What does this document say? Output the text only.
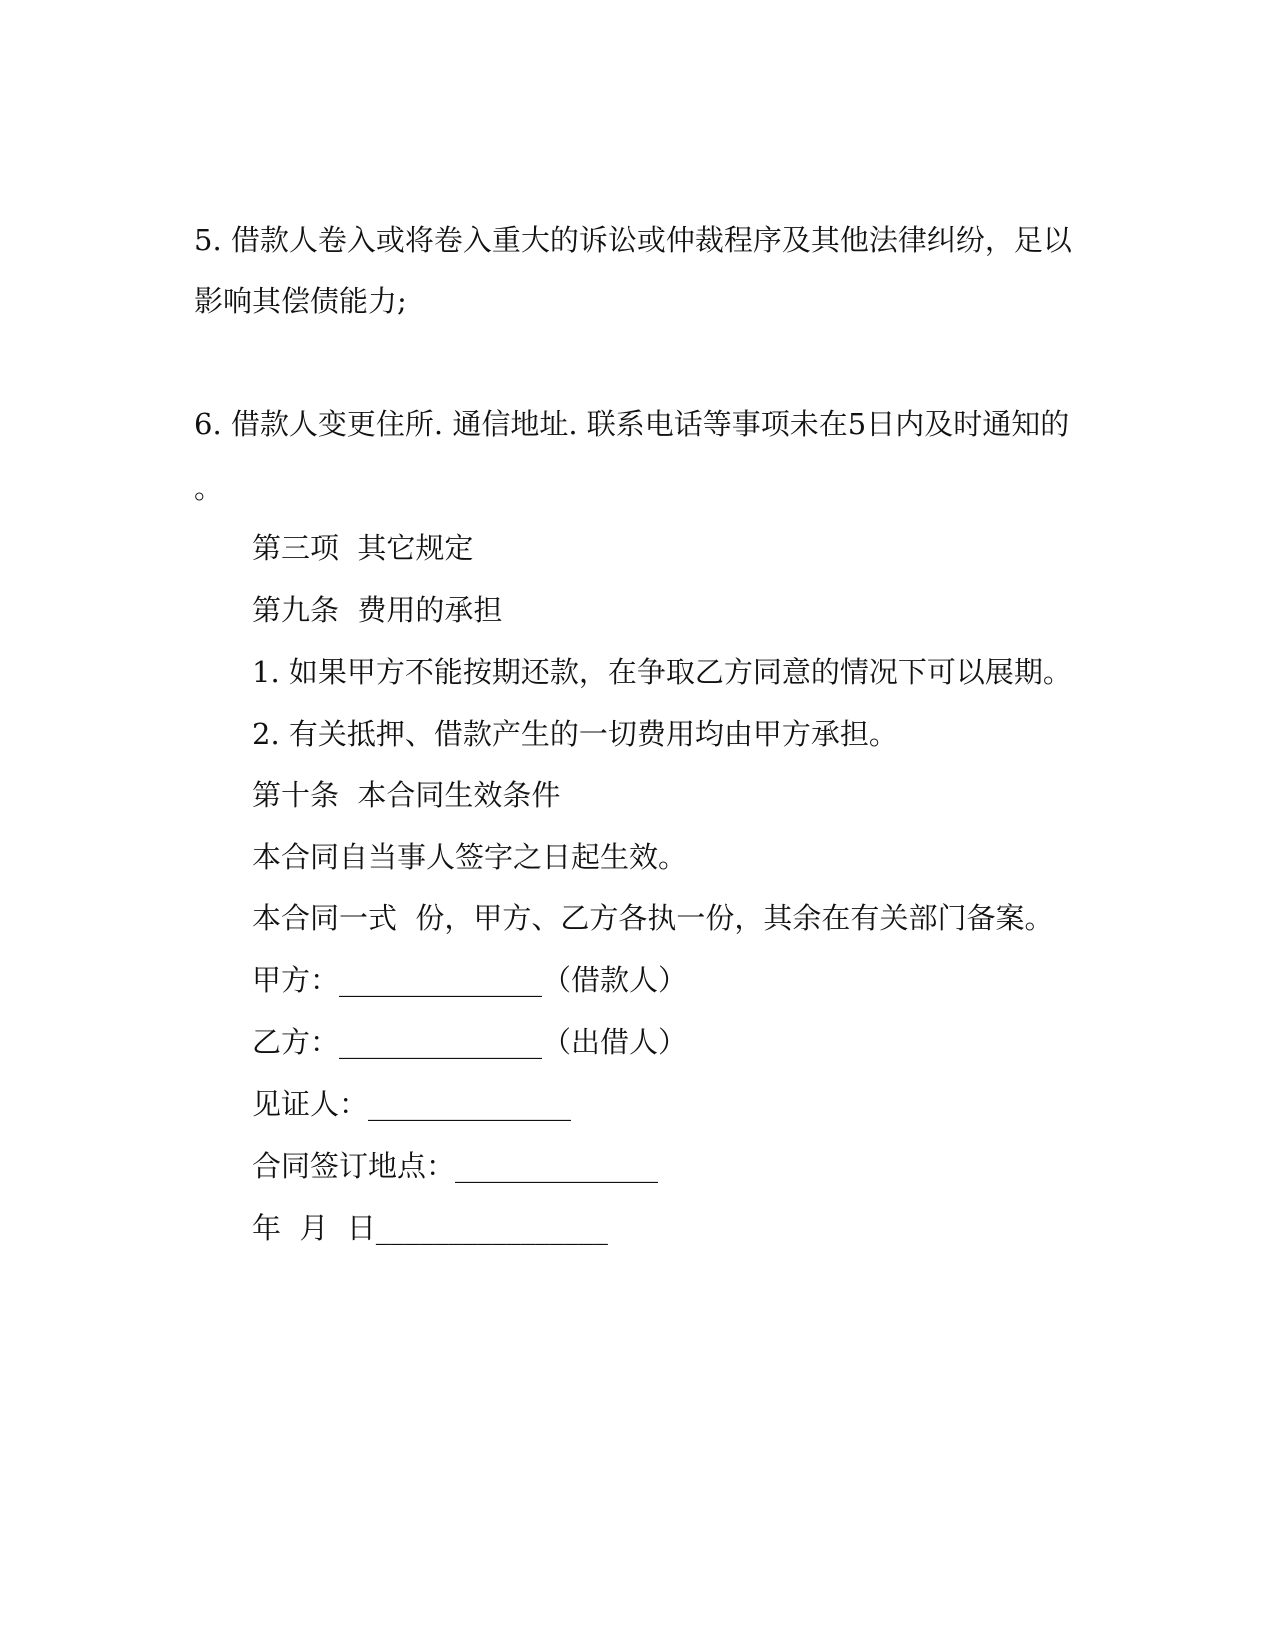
5. 借款人卷入或将卷入重大的诉讼或仲裁程序及其他法律纠纷，足以
影响其偿债能力;
6. 借款人变更住所. 通信地址. 联系电话等事项未在5日内及时通知的
。
第三项  其它规定
第九条  费用的承担
1. 如果甲方不能按期还款，在争取乙方同意的情况下可以展期。
2. 有关抵押、借款产生的一切费用均由甲方承担。
第十条  本合同生效条件
本合同自当事人签字之日起生效。
本合同一式  份，甲方、乙方各执一份，其余在有关部门备案。
甲方：______________（借款人）
乙方：______________（出借人）
见证人：______________
合同签订地点：______________
年  月  日________________
